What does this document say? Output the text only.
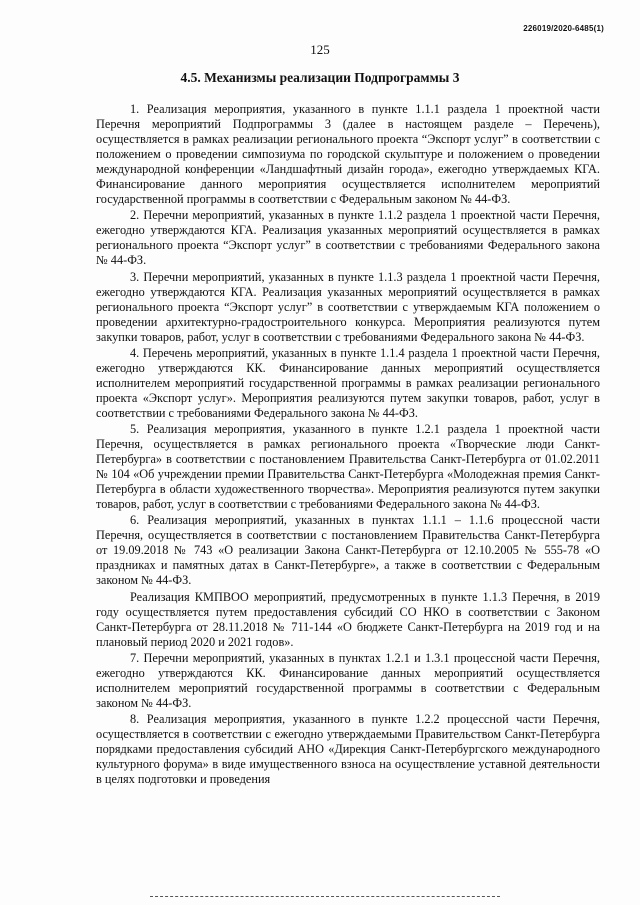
226019/2020-6485(1)
125
4.5. Механизмы реализации Подпрограммы 3

1. Реализация мероприятия, указанного в пункте 1.1.1 раздела 1 проектной части Перечня мероприятий Подпрограммы 3 (далее в настоящем разделе – Перечень), осуществляется в рамках реализации регионального проекта “Экспорт услуг” в соответствии с положением о проведении симпозиума по городской скульптуре и положением о проведении международной конференции «Ландшафтный дизайн города», ежегодно утверждаемых КГА. Финансирование данного мероприятия осуществляется исполнителем мероприятий государственной программы в соответствии с Федеральным законом № 44-ФЗ.

2. Перечни мероприятий, указанных в пункте 1.1.2 раздела 1 проектной части Перечня, ежегодно утверждаются КГА. Реализация указанных мероприятий осуществляется в рамках регионального проекта “Экспорт услуг” в соответствии с требованиями Федерального закона № 44-ФЗ.

3. Перечни мероприятий, указанных в пункте 1.1.3 раздела 1 проектной части Перечня, ежегодно утверждаются КГА. Реализация указанных мероприятий осуществляется в рамках регионального проекта “Экспорт услуг” в соответствии с утверждаемым КГА положением о проведении архитектурно-градостроительного конкурса. Мероприятия реализуются путем закупки товаров, работ, услуг в соответствии с требованиями Федерального закона № 44-ФЗ.

4. Перечень мероприятий, указанных в пункте 1.1.4 раздела 1 проектной части Перечня, ежегодно утверждаются КК. Финансирование данных мероприятий осуществляется исполнителем мероприятий государственной программы в рамках реализации регионального проекта «Экспорт услуг». Мероприятия реализуются путем закупки товаров, работ, услуг в соответствии с требованиями Федерального закона № 44-ФЗ.

5. Реализация мероприятия, указанного в пункте 1.2.1 раздела 1 проектной части Перечня, осуществляется в рамках регионального проекта «Творческие люди Санкт-Петербурга» в соответствии с постановлением Правительства Санкт-Петербурга от 01.02.2011 № 104 «Об учреждении премии Правительства Санкт-Петербурга «Молодежная премия Санкт-Петербурга в области художественного творчества». Мероприятия реализуются путем закупки товаров, работ, услуг в соответствии с требованиями Федерального закона № 44-ФЗ.

6. Реализация мероприятий, указанных в пунктах 1.1.1 – 1.1.6 процессной части Перечня, осуществляется в соответствии с постановлением Правительства Санкт-Петербурга от 19.09.2018 № 743 «О реализации Закона Санкт-Петербурга от 12.10.2005 № 555-78 «О праздниках и памятных датах в Санкт-Петербурге», а также в соответствии с Федеральным законом № 44-ФЗ.

Реализация КМПВОО мероприятий, предусмотренных в пункте 1.1.3 Перечня, в 2019 году осуществляется путем предоставления субсидий СО НКО в соответствии с Законом Санкт-Петербурга от 28.11.2018 № 711-144 «О бюджете Санкт-Петербурга на 2019 год и на плановый период 2020 и 2021 годов».

7. Перечни мероприятий, указанных в пунктах 1.2.1 и 1.3.1 процессной части Перечня, ежегодно утверждаются КК. Финансирование данных мероприятий осуществляется исполнителем мероприятий государственной программы в соответствии с Федеральным законом № 44-ФЗ.

8. Реализация мероприятия, указанного в пункте 1.2.2 процессной части Перечня, осуществляется в соответствии с ежегодно утверждаемыми Правительством Санкт-Петербурга порядками предоставления субсидий АНО «Дирекция Санкт-Петербургского международного культурного форума» в виде имущественного взноса на осуществление уставной деятельности в целях подготовки и проведения
